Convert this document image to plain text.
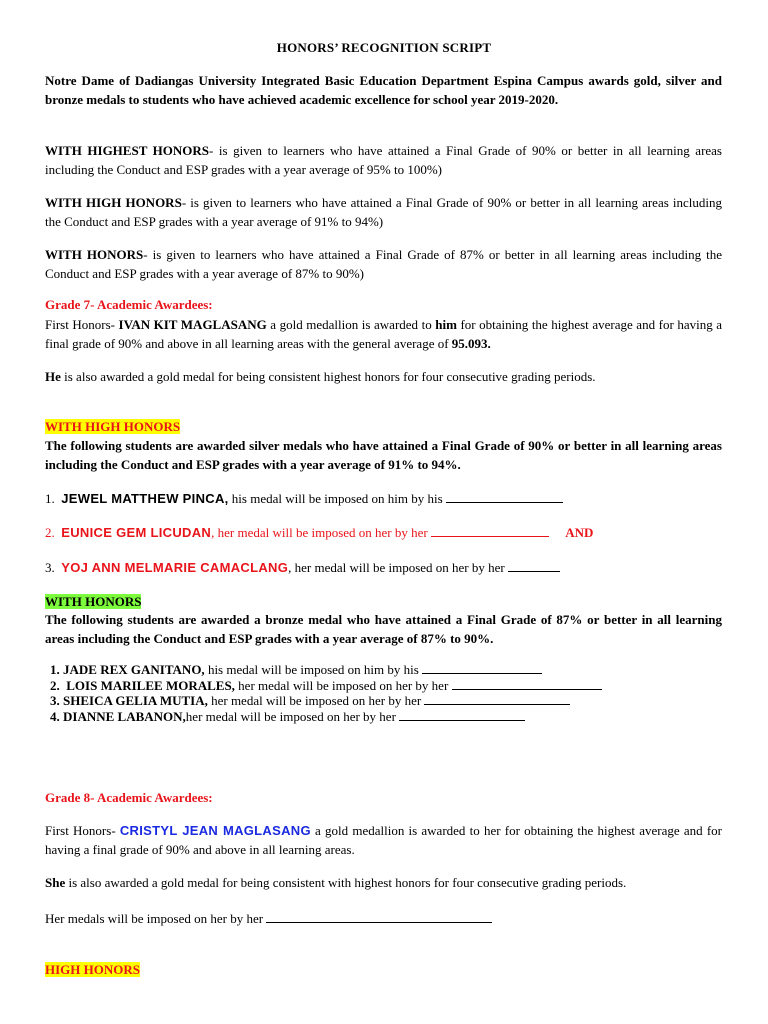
HONORS’ RECOGNITION SCRIPT

Notre Dame of Dadiangas University Integrated Basic Education Department Espina Campus awards gold, silver and bronze medals to students who have achieved academic excellence for school year 2019-2020.

WITH HIGHEST HONORS- is given to learners who have attained a Final Grade of 90% or better in all learning areas including the Conduct and ESP grades with a year average of 95% to 100%)

WITH HIGH HONORS- is given to learners who have attained a Final Grade of 90% or better in all learning areas including the Conduct and ESP grades with a year average of 91% to 94%)

WITH HONORS- is given to learners who have attained a Final Grade of 87% or better in all learning areas including the Conduct and ESP grades with a year average of 87% to 90%)

Grade 7- Academic Awardees:

First Honors- IVAN KIT MAGLASANG a gold medallion is awarded to him for obtaining the highest average and for having a final grade of 90% and above in all learning areas with the general average of 95.093.

He is also awarded a gold medal for being consistent highest honors for four consecutive grading periods.

WITH HIGH HONORS

The following students are awarded silver medals who have attained a Final Grade of 90% or better in all learning areas including the Conduct and ESP grades with a year average of 91% to 94%.

1. JEWEL MATTHEW PINCA, his medal will be imposed on him by his
2. EUNICE GEM LICUDAN, her medal will be imposed on her by her	AND
3. YOJ ANN MELMARIE CAMACLANG, her medal will be imposed on her by her

WITH HONORS

The following students are awarded a bronze medal who have attained a Final Grade of 87% or better in all learning areas including the Conduct and ESP grades with a year average of 87% to 90%.

1. JADE REX GANITANO, his medal will be imposed on him by his
2. LOIS MARILEE MORALES, her medal will be imposed on her by her
3. SHEICA GELIA MUTIA, her medal will be imposed on her by her
4. DIANNE LABANON,her medal will be imposed on her by her

Grade 8- Academic Awardees:

First Honors- CRISTYL JEAN MAGLASANG a gold medallion is awarded to her for obtaining the highest average and for having a final grade of 90% and above in all learning areas.

She is also awarded a gold medal for being consistent with highest honors for four consecutive grading periods.

Her medals will be imposed on her by her

HIGH HONORS
